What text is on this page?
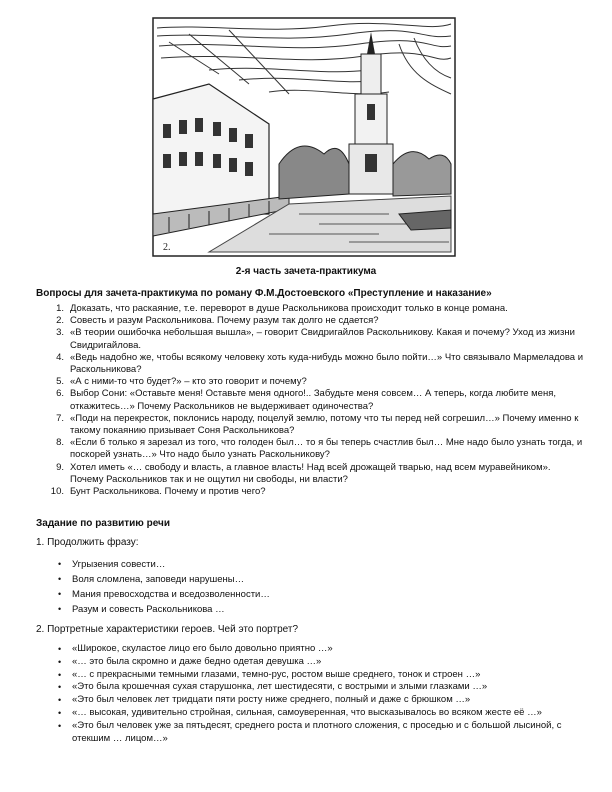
2.
2-я часть зачета-практикума
Вопросы для зачета-практикума по роману Ф.М.Достоевского «Преступление и наказание»
1. Доказать, что раскаяние, т.е. переворот в душе Раскольникова происходит только в конце романа.
2. Совесть и разум Раскольникова. Почему разум так долго не сдается?
3. «В теории ошибочка небольшая вышла», – говорит Свидригайлов Раскольникову. Какая и почему? Уход из жизни Свидригайлова.
4. «Ведь надобно же, чтобы всякому человеку хоть куда-нибудь можно было пойти…» Что связывало Мармеладова и Раскольникова?
5. «А с ними-то что будет?» – кто это говорит и почему?
6. Выбор Сони: «Оставьте меня! Оставьте меня одного!.. Забудьте меня совсем… А теперь, когда любите меня, откажитесь…» Почему Раскольников не выдерживает одиночества?
7. «Поди на перекресток, поклонись народу, поцелуй землю, потому что ты перед ней согрешил…» Почему именно к такому покаянию призывает Соня Раскольникова?
8. «Если б только я зарезал из того, что голоден был… то я бы теперь счастлив был… Мне надо было узнать тогда, и поскорей узнать…» Что надо было узнать Раскольникову?
9. Хотел иметь «… свободу и власть, а главное власть! Над всей дрожащей тварью, над всем муравейником». Почему Раскольников так и не ощутил ни свободы, ни власти?
10. Бунт Раскольникова. Почему и против чего?
Задание по развитию речи
1. Продолжить фразу:
•	Угрызения совести…
•	Воля сломлена, заповеди нарушены…
•	Мания превосходства и вседозволенности…
•	Разум и совесть Раскольникова …
2. Портретные характеристики героев. Чей это портрет?
•	«Широкое, скуластое лицо его было довольно приятно …»
•	«… это была скромно и даже бедно одетая девушка …»
•	«… с прекрасными темными глазами, темно-рус, ростом выше среднего, тонок и строен …»
•	«Это была крошечная сухая старушонка, лет шестидесяти, с вострыми и злыми глазками …»
•	«Это был человек лет тридцати пяти росту ниже среднего, полный и даже с брюшком …»
•	«… высокая, удивительно стройная, сильная, самоуверенная, что высказывалось во всяком жесте её …»
•	«Это был человек уже за пятьдесят, среднего роста и плотного сложения, с проседью и с большой лысиной, с отекшим … лицом…»
